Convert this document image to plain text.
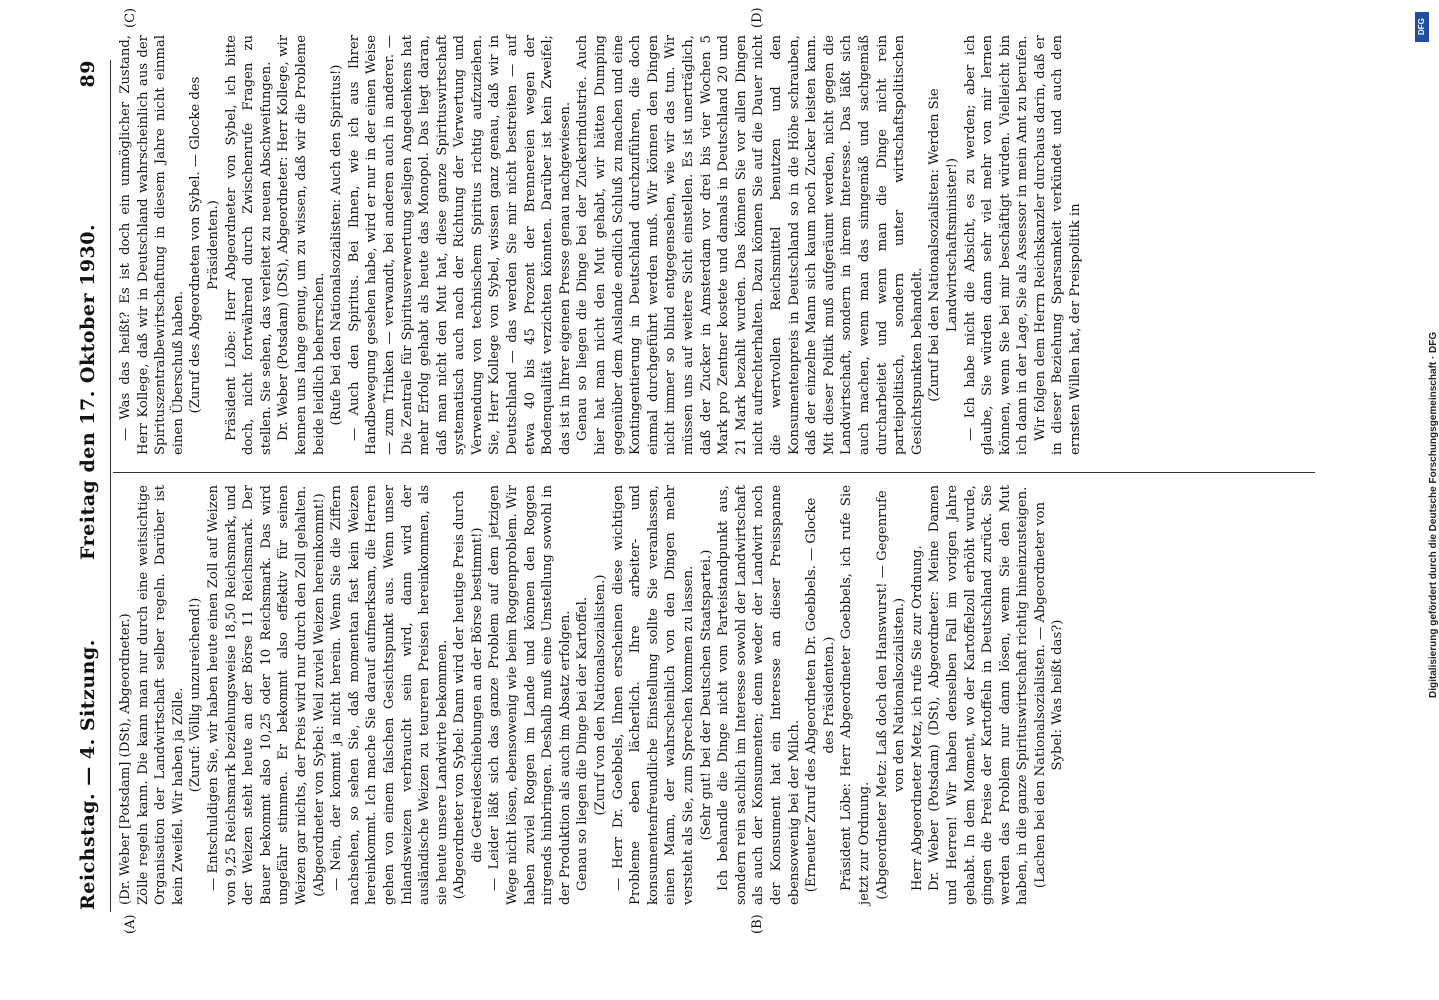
Reichstag. — 4. Sitzung.
Freitag den 17. Oktober 1930.
89
(A)	(B)
(C)	(D)

(Dr. Weber [Potsdam] (DSt), Abgeordneter.) Zölle regeln kann. Die kann man nur durch eine weitsichtige Organisation der Landwirtschaft selber regeln. Darüber ist kein Zweifel. Wir haben ja Zölle. (Zuruf: Völlig unzureichend!) — Entschuldigen Sie, wir haben heute einen Zoll auf Weizen von 9,25 Reichsmark beziehungsweise 18,50 Reichsmark, und der Weizen steht heute an der Börse 11 Reichsmark. Der Bauer bekommt also 10,25 oder 10 Reichsmark. Das wird ungefähr stimmen. Er bekommt also effektiv für seinen Weizen gar nichts, der Preis wird nur durch den Zoll gehalten. (Abgeordneter von Sybel: Weil zuviel Weizen hereinkommt!) — Nein, der kommt ja nicht herein. Wenn Sie die Ziffern nachsehen, so sehen Sie, daß momentan fast kein Weizen hereinkommt. Ich mache Sie darauf aufmerksam, die Herren gehen von einem falschen Gesichtspunkt aus. Wenn unser Inlandsweizen verbraucht sein wird, dann wird der ausländische Weizen zu teureren Preisen hereinkommen, als sie heute unsere Landwirte bekommen. (Abgeordneter von Sybel: Dann wird der heutige Preis durch die Getreideschiebungen an der Börse bestimmt!) — Leider läßt sich das ganze Problem auf dem jetzigen Wege nicht lösen, ebensowenig wie beim Roggenproblem. Wir haben zuviel Roggen im Lande und können den Roggen nirgends hinbringen. Deshalb muß eine Umstellung sowohl in der Produktion als auch im Absatz erfolgen. Genau so liegen die Dinge bei der Kartoffel. (Zuruf von den Nationalsozialisten.) — Herr Dr. Goebbels, Ihnen erscheinen diese wichtigen Probleme eben lächerlich. Ihre arbeiter- und konsumentenfreundliche Einstellung sollte Sie veranlassen, einen Mann, der wahrscheinlich von den Dingen mehr versteht als Sie, zum Sprechen kommen zu lassen. (Sehr gut! bei der Deutschen Staatspartei.) Ich behandle die Dinge nicht vom Parteistandpunkt aus, sondern rein sachlich im Interesse sowohl der Landwirtschaft als auch der Konsumenten; denn weder der Landwirt noch der Konsument hat ein Interesse an dieser Preisspanne ebensowenig bei der Milch. (Erneuter Zuruf des Abgeordneten Dr. Goebbels. — Glocke des Präsidenten.) Präsident Löbe: Herr Abgeordneter Goebbels, ich rufe Sie jetzt zur Ordnung. (Abgeordneter Metz: Laß doch den Hanswurst! — Gegenrufe von den Nationalsozialisten.) Herr Abgeordneter Metz, ich rufe Sie zur Ordnung. Dr. Weber (Potsdam) (DSt), Abgeordneter: Meine Damen und Herren! Wir haben denselben Fall im vorigen Jahre gehabt. In dem Moment, wo der Kartoffelzoll erhöht wurde, gingen die Preise der Kartoffeln in Deutschland zurück. Sie werden das Problem nur dann lösen, wenn Sie den Mut haben, in die ganze Spirituswirtschaft richtig hineinzusteigen. (Lachen bei den Nationalsozialisten. — Abgeordneter von Sybel: Was heißt das?)

— Was das heißt? Es ist doch ein unmöglicher Zustand, Herr Kollege, daß wir in Deutschland wahrscheinlich aus der Spirituszentralbewirtschaftung in diesem Jahre nicht einmal einen Überschuß haben. (Zuruf des Abgeordneten von Sybel. — Glocke des Präsidenten.) Präsident Löbe: Herr Abgeordneter von Sybel, ich bitte doch, nicht fortwährend durch Zwischenrufe Fragen zu stellen. Sie sehen, das verleitet zu neuen Abschweifungen. Dr. Weber (Potsdam) (DSt), Abgeordneter: Herr Kollege, wir kennen uns lange genug, um zu wissen, daß wir die Probleme beide leidlich beherrschen. (Rufe bei den Nationalsozialisten: Auch den Spiritus!) — Auch den Spiritus. Bei Ihnen, wie ich aus Ihrer Handbewegung gesehen habe, wird er nur in der einen Weise — zum Trinken — verwandt, bei anderen auch in anderer. — Die Zentrale für Spiritusverwertung seligen Angedenkens hat mehr Erfolg gehabt als heute das Monopol. Das liegt daran, daß man nicht den Mut hat, diese ganze Spirituswirtschaft systematisch auch nach der Richtung der Verwertung und Verwendung von technischem Spiritus richtig aufzuziehen. Sie, Herr Kollege von Sybel, wissen ganz genau, daß wir in Deutschland — das werden Sie mir nicht bestreiten — auf etwa 40 bis 45 Prozent der Brennereien wegen der Bodenqualität verzichten könnten. Darüber ist kein Zweifel; das ist in Ihrer eigenen Presse genau nachgewiesen. Genau so liegen die Dinge bei der Zuckerindustrie. Auch hier hat man nicht den Mut gehabt, wir hätten Dumping gegenüber dem Auslande endlich Schluß zu machen und eine Kontingentierung in Deutschland durchzuführen, die doch einmal durchgeführt werden muß. Wir können den Dingen nicht immer so blind entgegensehen, wie wir das tun. Wir müssen uns auf weitere Sicht einstellen. Es ist unerträglich, daß der Zucker in Amsterdam vor drei bis vier Wochen 5 Mark pro Zentner kostete und damals in Deutschland 20 und 21 Mark bezahlt wurden. Das können Sie vor allen Dingen nicht aufrechterhalten. Dazu können Sie auf die Dauer nicht die wertvollen Reichsmittel benutzen und den Konsumentenpreis in Deutschland so in die Höhe schrauben, daß der einzelne Mann sich kaum noch Zucker leisten kann. Mit dieser Politik muß aufgeräumt werden, nicht gegen die Landwirtschaft, sondern in ihrem Interesse. Das läßt sich auch machen, wenn man das sinngemäß und sachgemäß durcharbeitet und wenn man die Dinge nicht rein parteipolitisch, sondern unter wirtschaftspolitischen Gesichtspunkten behandelt. (Zuruf bei den Nationalsozialisten: Werden Sie Landwirtschaftsminister!) — Ich habe nicht die Absicht, es zu werden; aber ich glaube, Sie würden dann sehr viel mehr von mir lernen können, wenn Sie bei mir beschäftigt würden. Vielleicht bin ich dann in der Lage, Sie als Assessor in mein Amt zu berufen. Wir folgen dem Herrn Reichskanzler durchaus darin, daß er in dieser Beziehung Sparsamkeit verkündet und auch den ernsten Willen hat, der Preispolitik in

DFG
Digitalisierung gefördert durch die Deutsche Forschungsgemeinschaft · DFG
